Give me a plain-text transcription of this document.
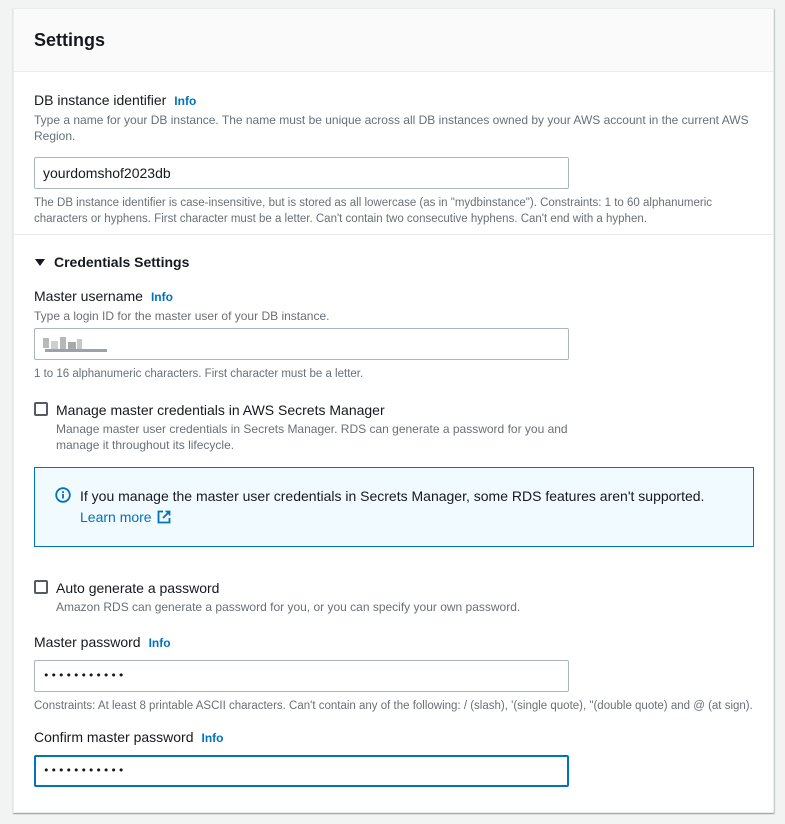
Settings
DB instance identifier Info
Type a name for your DB instance. The name must be unique across all DB instances owned by your AWS account in the current AWS Region.
yourdomshof2023db
The DB instance identifier is case-insensitive, but is stored as all lowercase (as in "mydbinstance"). Constraints: 1 to 60 alphanumeric characters or hyphens. First character must be a letter. Can't contain two consecutive hyphens. Can't end with a hyphen.
Credentials Settings
Master username Info
Type a login ID for the master user of your DB instance.
1 to 16 alphanumeric characters. First character must be a letter.
Manage master credentials in AWS Secrets Manager
Manage master user credentials in Secrets Manager. RDS can generate a password for you and manage it throughout its lifecycle.
If you manage the master user credentials in Secrets Manager, some RDS features aren't supported.
Learn more
Auto generate a password
Amazon RDS can generate a password for you, or you can specify your own password.
Master password Info
•••••••••••
Constraints: At least 8 printable ASCII characters. Can't contain any of the following: / (slash), '(single quote), "(double quote) and @ (at sign).
Confirm master password Info
•••••••••••
